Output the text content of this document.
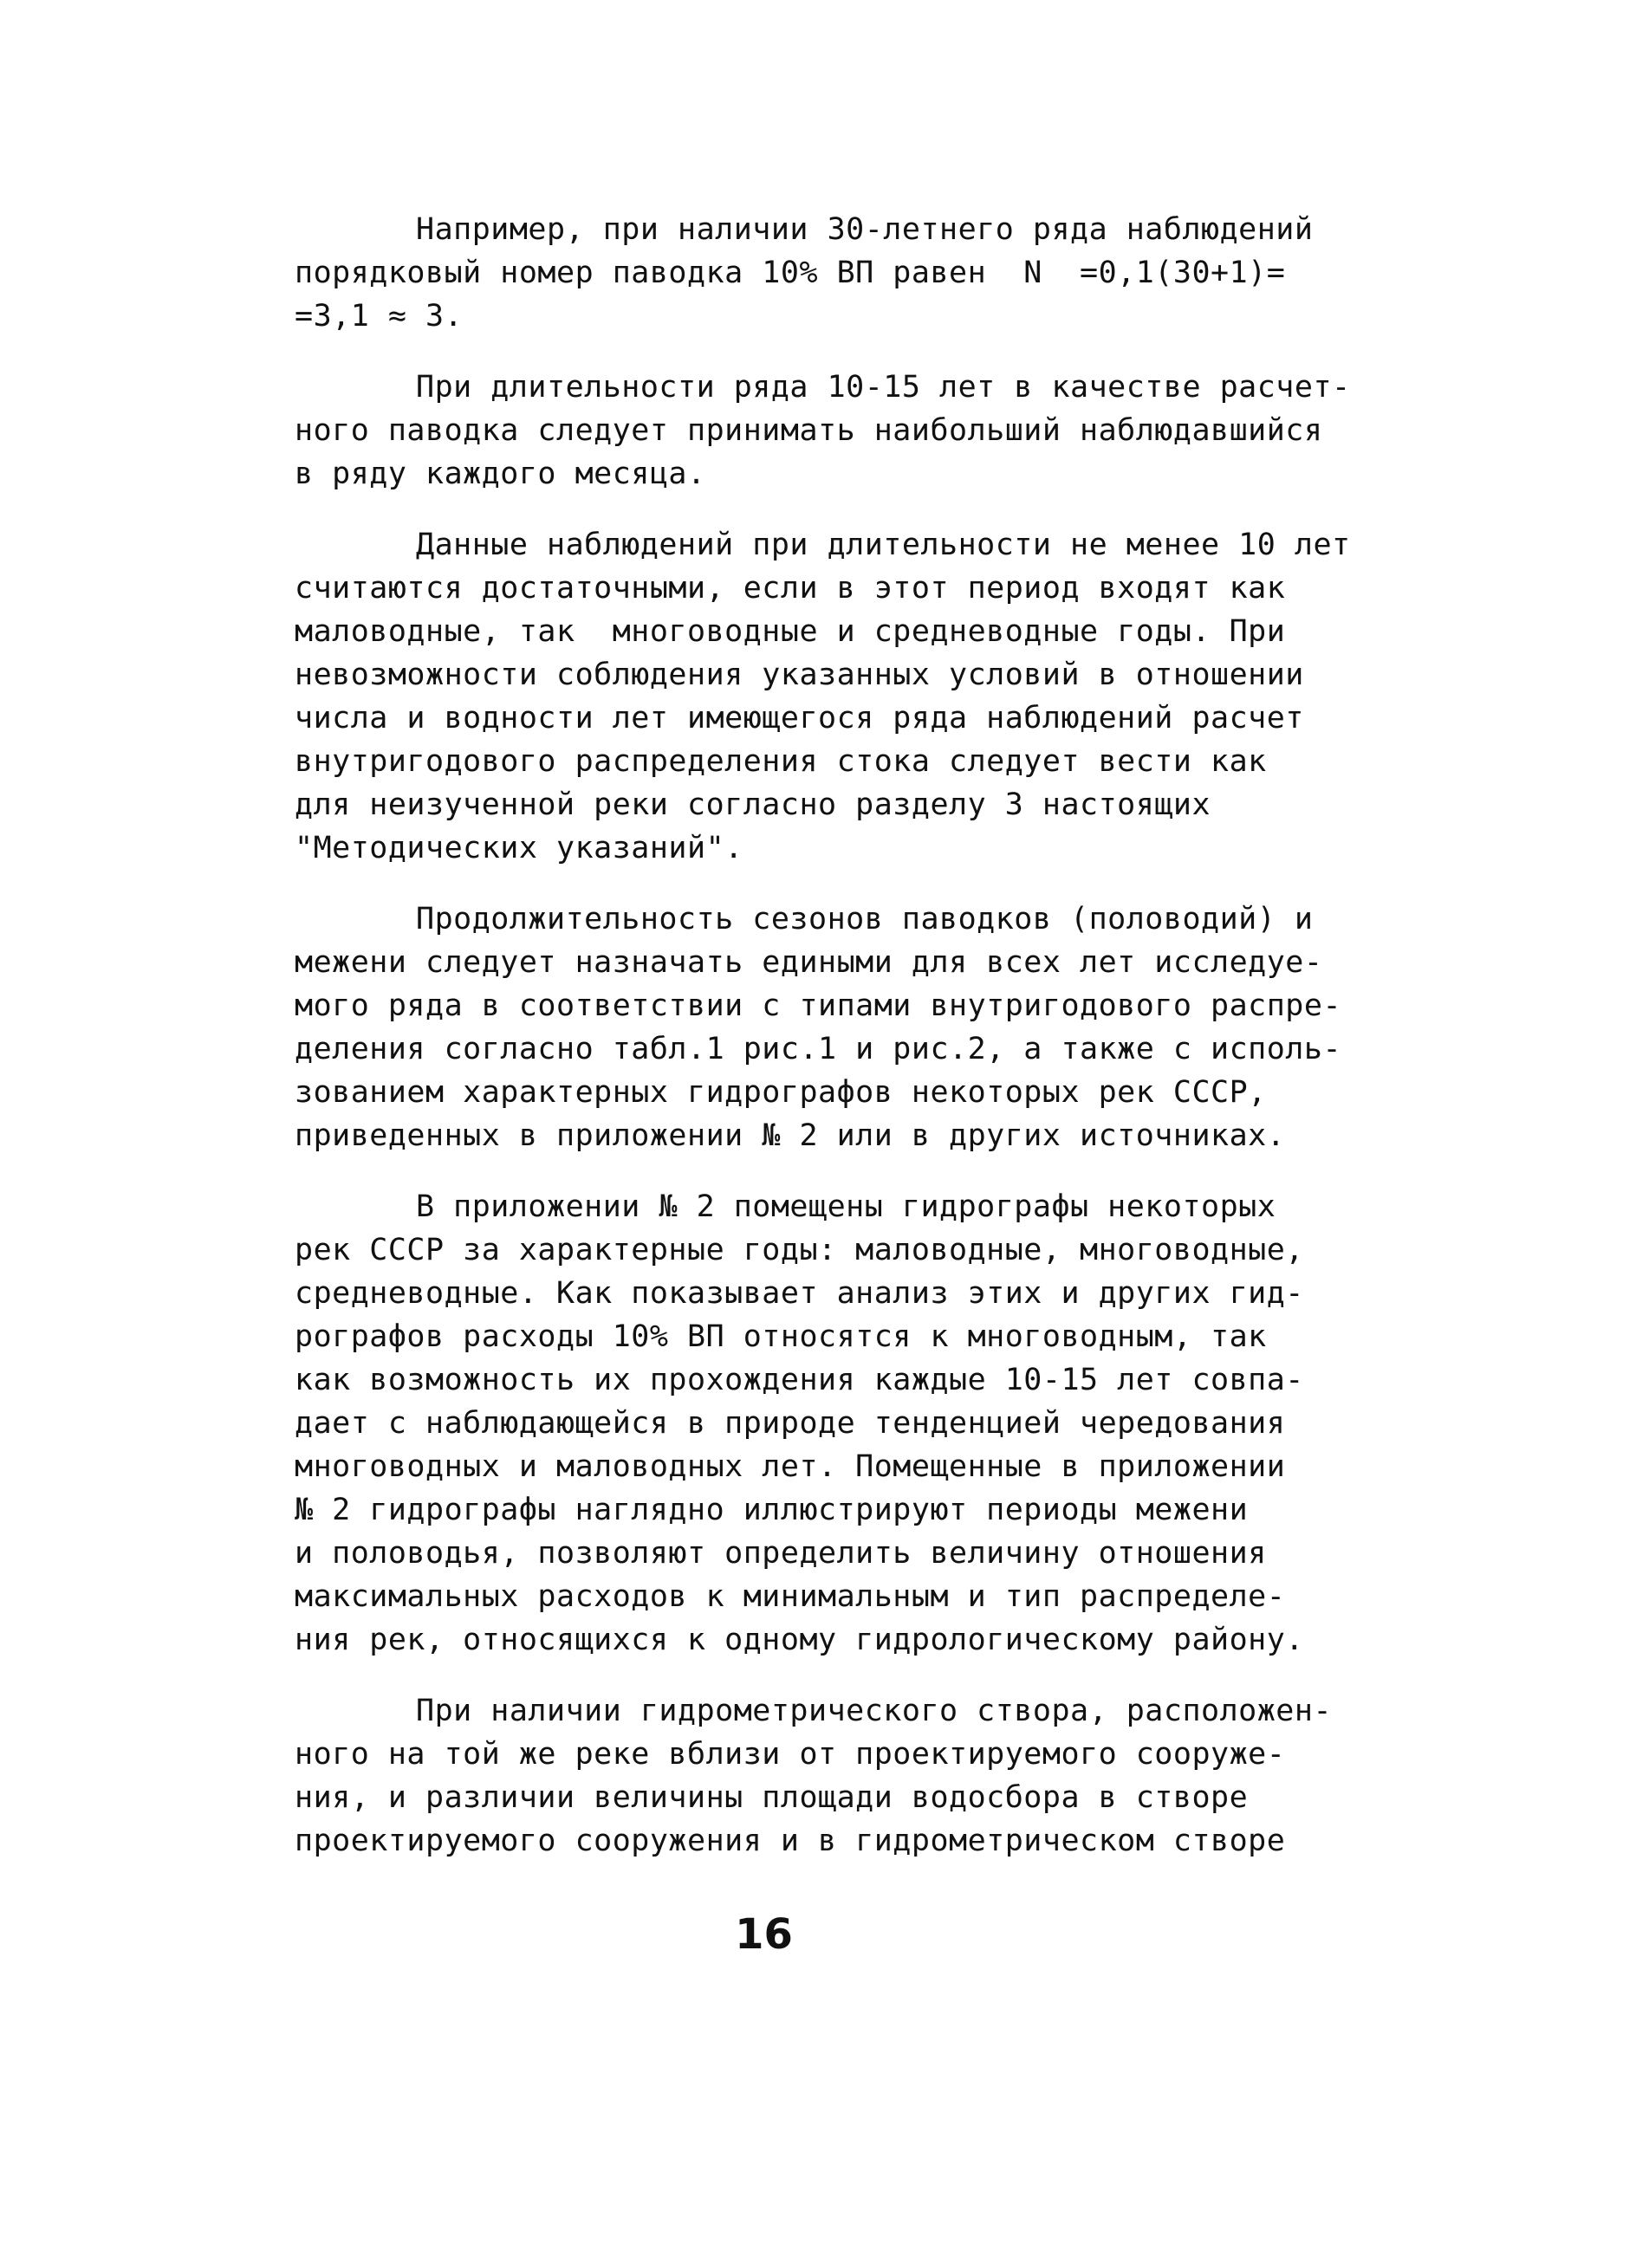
Например, при наличии 30-летнего ряда наблюдений
порядковый номер паводка 10% ВП равен  N  =0,1(30+1)=
=3,1 ≈ 3.
При длительности ряда 10-15 лет в качестве расчет-
ного паводка следует принимать наибольший наблюдавшийся
в ряду каждого месяца.
Данные наблюдений при длительности не менее 10 лет
считаются достаточными, если в этот период входят как
маловодные, так  многоводные и средневодные годы. При
невозможности соблюдения указанных условий в отношении
числа и водности лет имеющегося ряда наблюдений расчет
внутригодового распределения стока следует вести как
для неизученной реки согласно разделу 3 настоящих
"Методических указаний".
Продолжительность сезонов паводков (половодий) и
межени следует назначать едиными для всех лет исследуе-
мого ряда в соответствии с типами внутригодового распре-
деления согласно табл.1 рис.1 и рис.2, а также с исполь-
зованием характерных гидрографов некоторых рек СССР,
приведенных в приложении № 2 или в других источниках.
В приложении № 2 помещены гидрографы некоторых
рек СССР за характерные годы: маловодные, многоводные,
средневодные. Как показывает анализ этих и других гид-
рографов расходы 10% ВП относятся к многоводным, так
как возможность их прохождения каждые 10-15 лет совпа-
дает с наблюдающейся в природе тенденцией чередования
многоводных и маловодных лет. Помещенные в приложении
№ 2 гидрографы наглядно иллюстрируют периоды межени
и половодья, позволяют определить величину отношения
максимальных расходов к минимальным и тип распределе-
ния рек, относящихся к одному гидрологическому району.
При наличии гидрометрического створа, расположен-
ного на той же реке вблизи от проектируемого сооруже-
ния, и различии величины площади водосбора в створе
проектируемого сооружения и в гидрометрическом створе
16
